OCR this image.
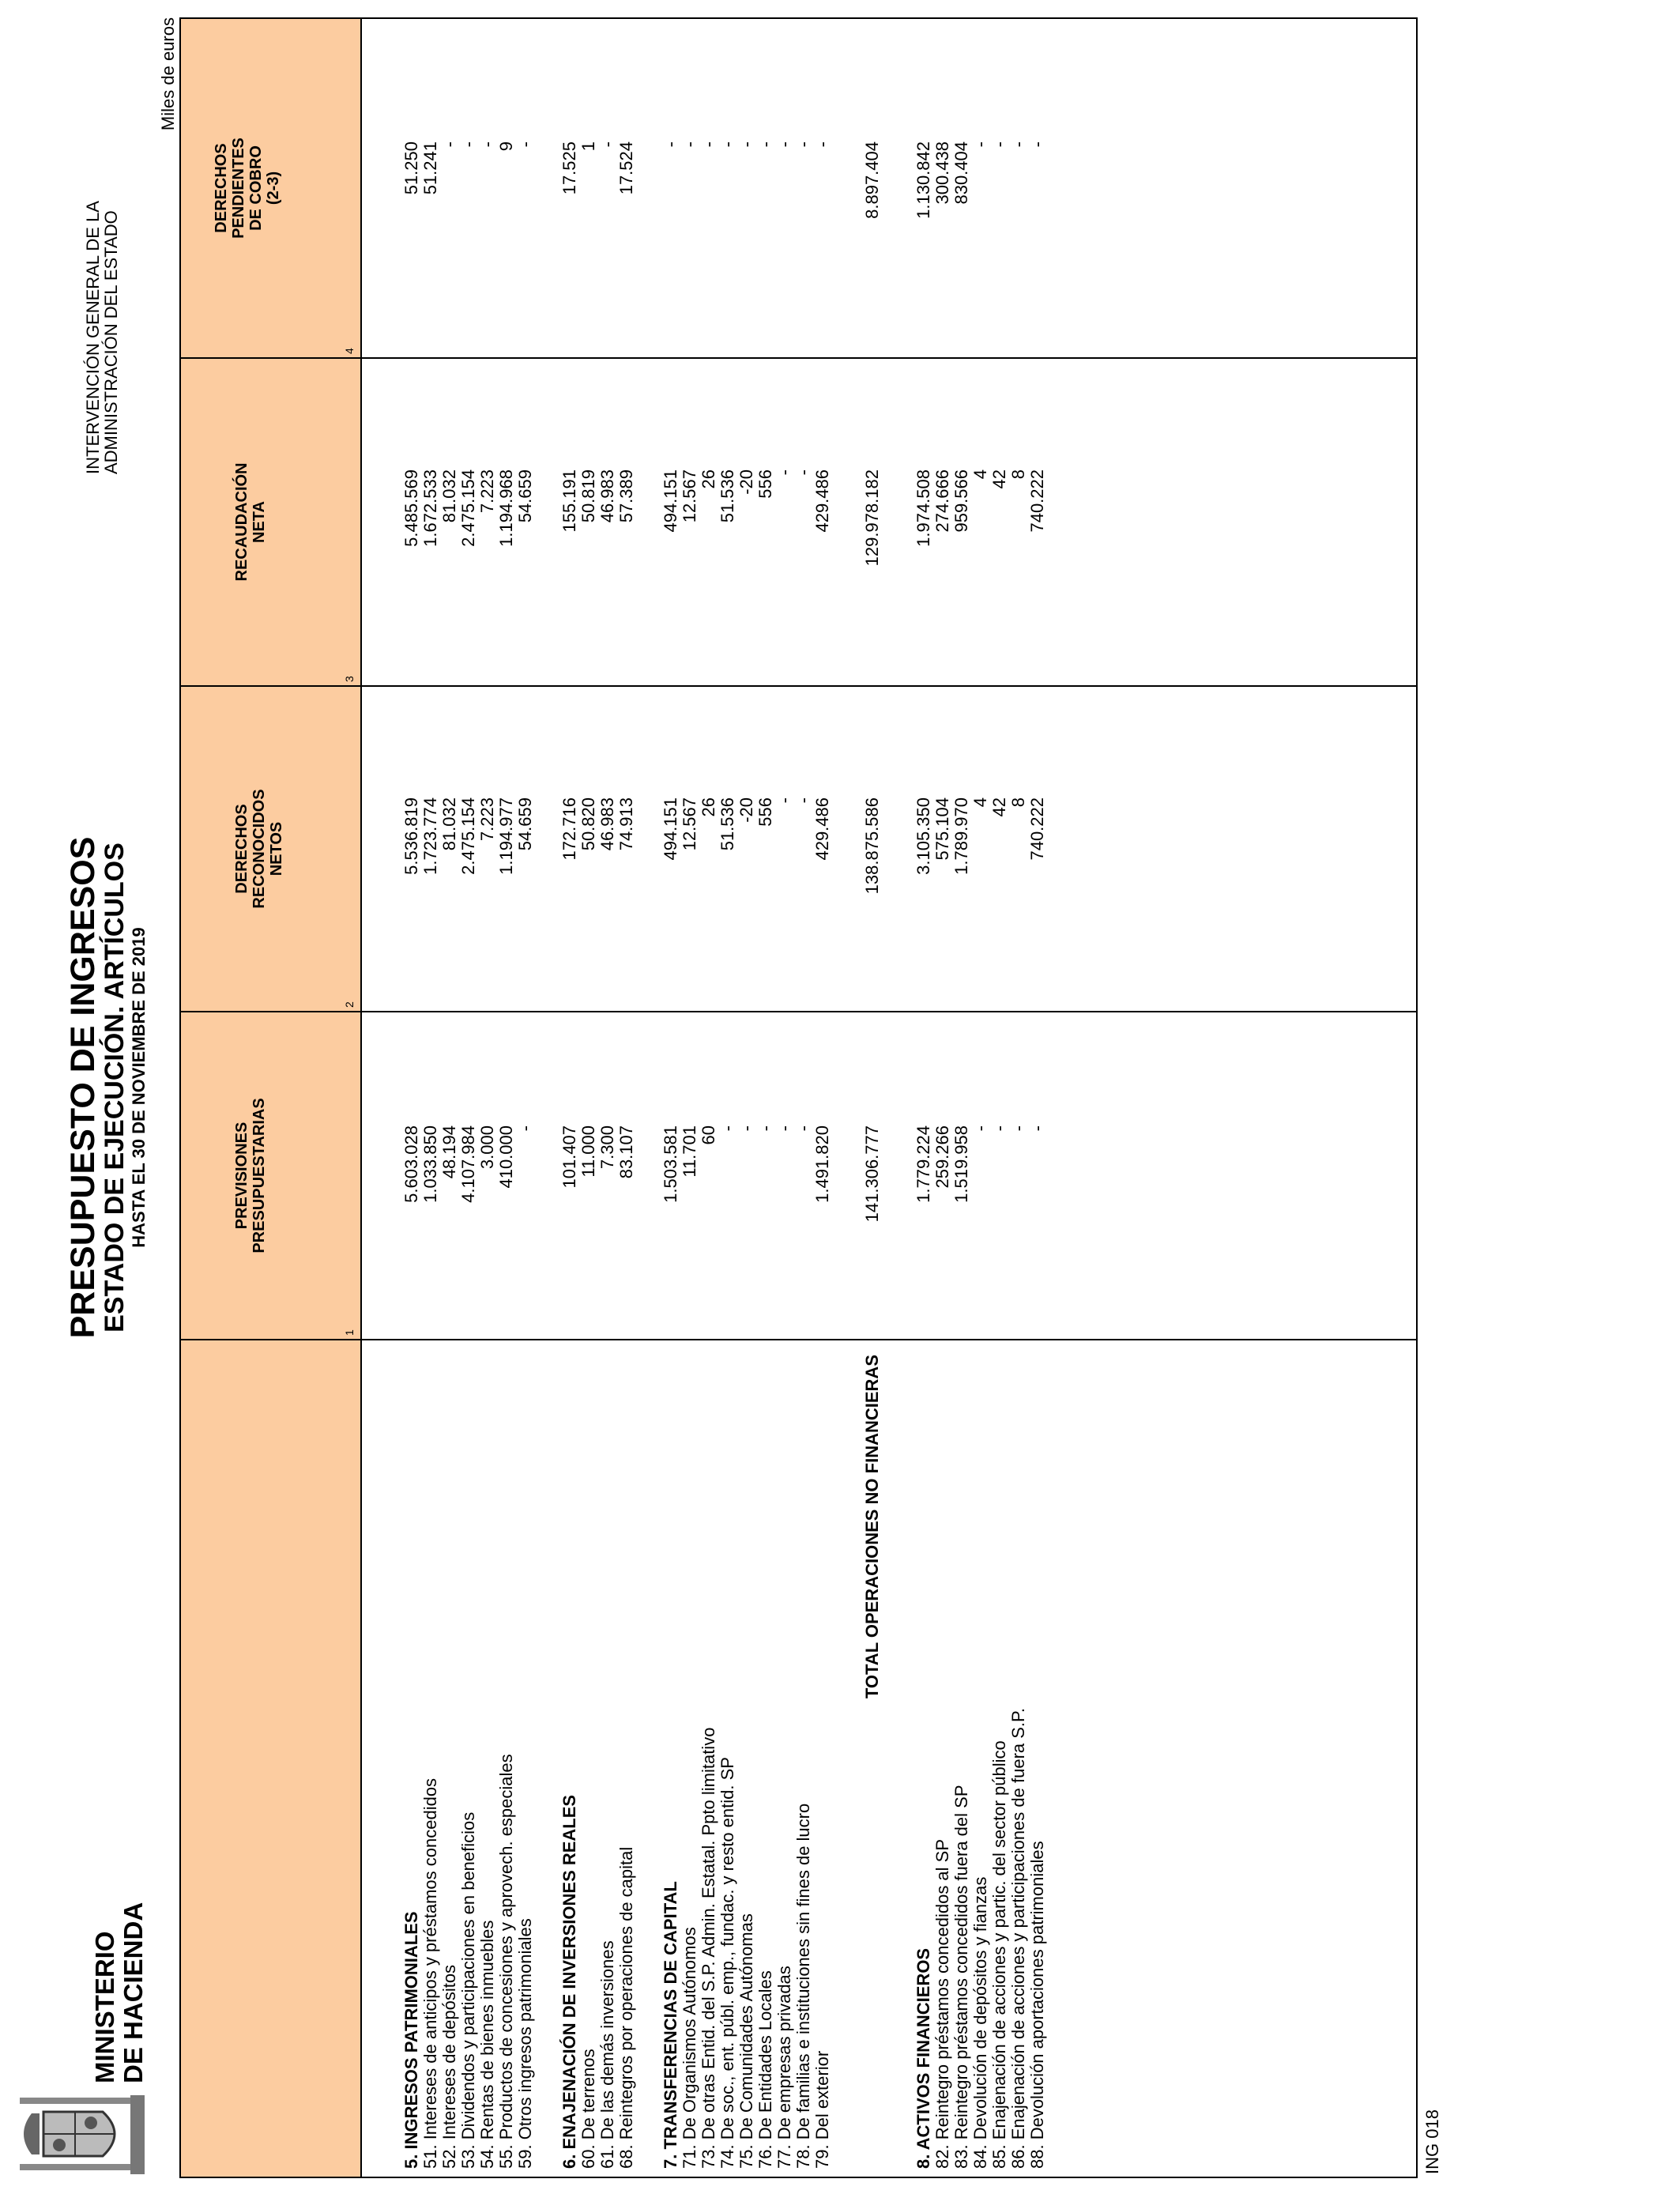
MINISTERIO DE HACIENDA
PRESUPUESTO DE INGRESOS
ESTADO DE EJECUCIÓN. ARTÍCULOS HASTA EL 30 DE NOVIEMBRE DE 2019
INTERVENCIÓN GENERAL DE LA
ADMINISTRACIÓN DEL ESTADO
Miles de euros
PREVISIONES PRESUPUESTARIAS
1
DERECHOS RECONOCIDOS NETOS
2
RECAUDACIÓN NETA
3
DERECHOS PENDIENTES DE COBRO (2-3)
4
5. INGRESOS PATRIMONIALES
5.603.028
5.536.819
5.485.569
51.250
51. Intereses de anticipos y préstamos concedidos
1.033.850
1.723.774
1.672.533
51.241
52. Intereses de depósitos
48.194
81.032
81.032
-
53. Dividendos y participaciones en beneficios
4.107.984
2.475.154
2.475.154
-
54. Rentas de bienes inmuebles
3.000
7.223
7.223
-
55. Productos de concesiones y aprovech. especiales
410.000
1.194.977
1.194.968
9
59. Otros ingresos patrimoniales
-
54.659
54.659
-
6. ENAJENACIÓN DE INVERSIONES REALES
101.407
172.716
155.191
17.525
60. De terrenos
11.000
50.820
50.819
1
61. De las demás inversiones
7.300
46.983
46.983
-
68. Reintegros por operaciones de capital
83.107
74.913
57.389
17.524
7. TRANSFERENCIAS DE CAPITAL
1.503.581
494.151
494.151
-
71. De Organismos Autónomos
11.701
12.567
12.567
-
73. De otras Entid. del S.P. Admin. Estatal. Ppto limitativo
60
26
26
-
74. De soc., ent. públ. emp., fundac. y resto entid. SP
-
51.536
51.536
-
75. De Comunidades Autónomas
-
-20
-20
-
76. De Entidades Locales
-
556
556
-
77. De empresas privadas
-
-
-
-
78. De familias e instituciones sin fines de lucro
-
-
-
-
79. Del exterior
1.491.820
429.486
429.486
-
TOTAL OPERACIONES NO FINANCIERAS
141.306.777
138.875.586
129.978.182
8.897.404
8. ACTIVOS FINANCIEROS
1.779.224
3.105.350
1.974.508
1.130.842
82. Reintegro préstamos concedidos al SP
259.266
575.104
274.666
300.438
83. Reintegro préstamos concedidos fuera del SP
1.519.958
1.789.970
959.566
830.404
84. Devolución de depósitos y fianzas
-
4
4
-
85. Enajenación de acciones y partic. del sector público
-
42
42
-
86. Enajenación de acciones y participaciones de fuera S.P.
-
8
8
-
88. Devolución aportaciones patrimoniales
-
740.222
740.222
-
ING 018
